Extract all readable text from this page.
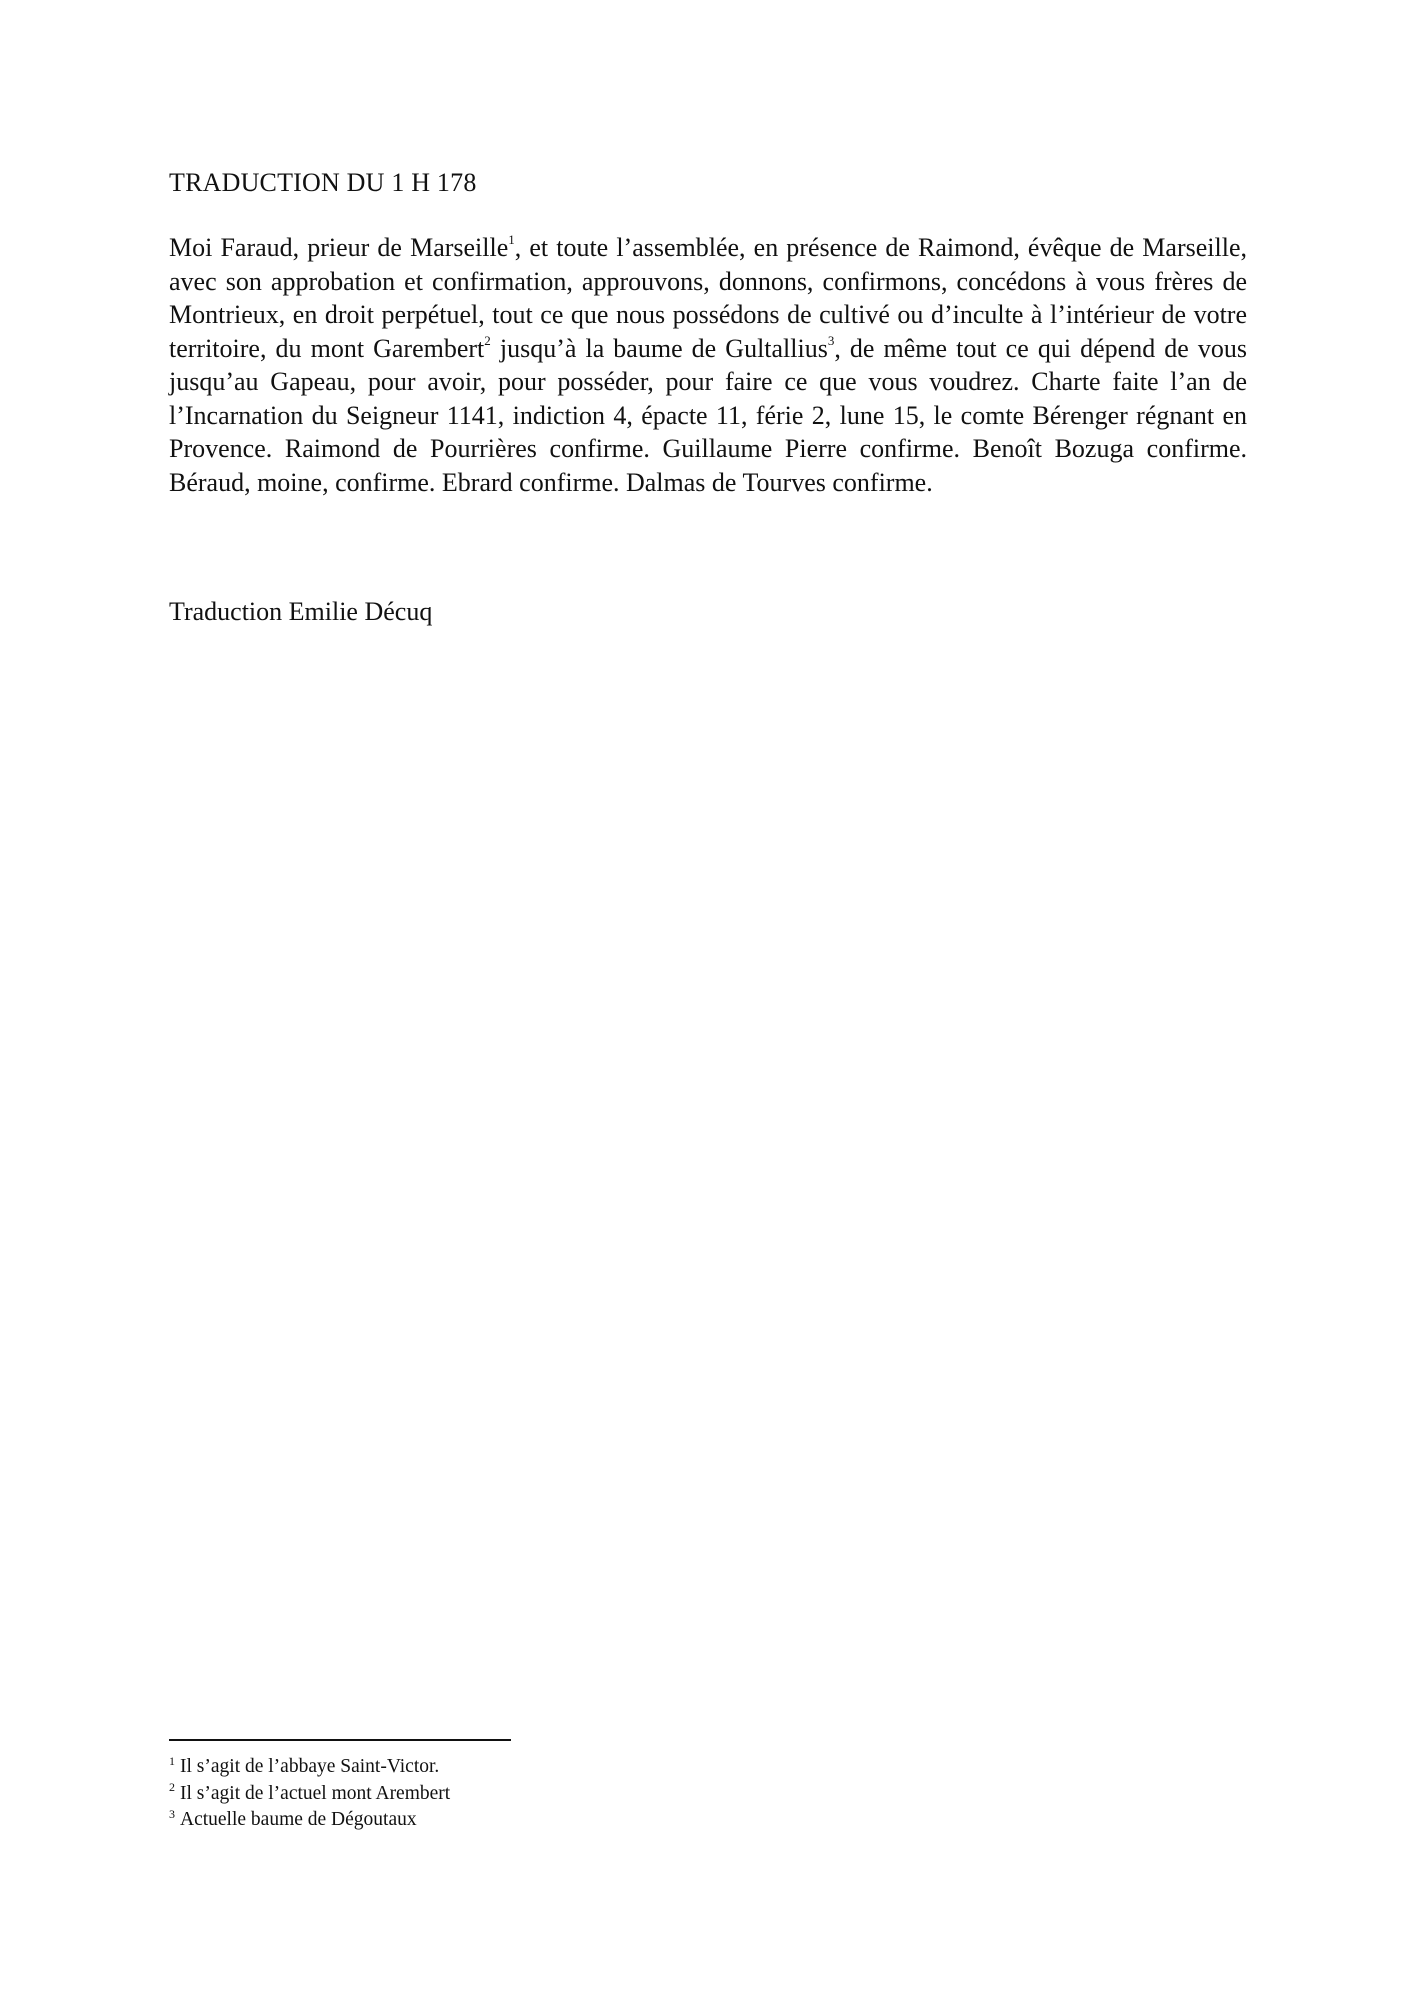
TRADUCTION DU 1 H 178

Moi Faraud, prieur de Marseille$^1$, et toute l’assemblée, en présence de Raimond, évêque de Marseille, avec son approbation et confirmation, approuvons, donnons, confirmons, concédons à vous frères de Montrieux, en droit perpétuel, tout ce que nous possédons de cultivé ou d’inculte à l’intérieur de votre territoire, du mont Garembert$^2$ jusqu’à la baume de Gultallius$^3$, de même tout ce qui dépend de vous jusqu’au Gapeau, pour avoir, pour posséder, pour faire ce que vous voudrez. Charte faite l’an de l’Incarnation du Seigneur 1141, indiction 4, épacte 11, férie 2, lune 15, le comte Bérenger régnant en Provence. Raimond de Pourrières confirme. Guillaume Pierre confirme. Benoît Bozuga confirme. Béraud, moine, confirme. Ebrard confirme. Dalmas de Tourves confirme.

Traduction Emilie Décuq

$^1$ Il s’agit de l’abbaye Saint-Victor.
$^2$ Il s’agit de l’actuel mont Arembert
$^3$ Actuelle baume de Dégoutaux
